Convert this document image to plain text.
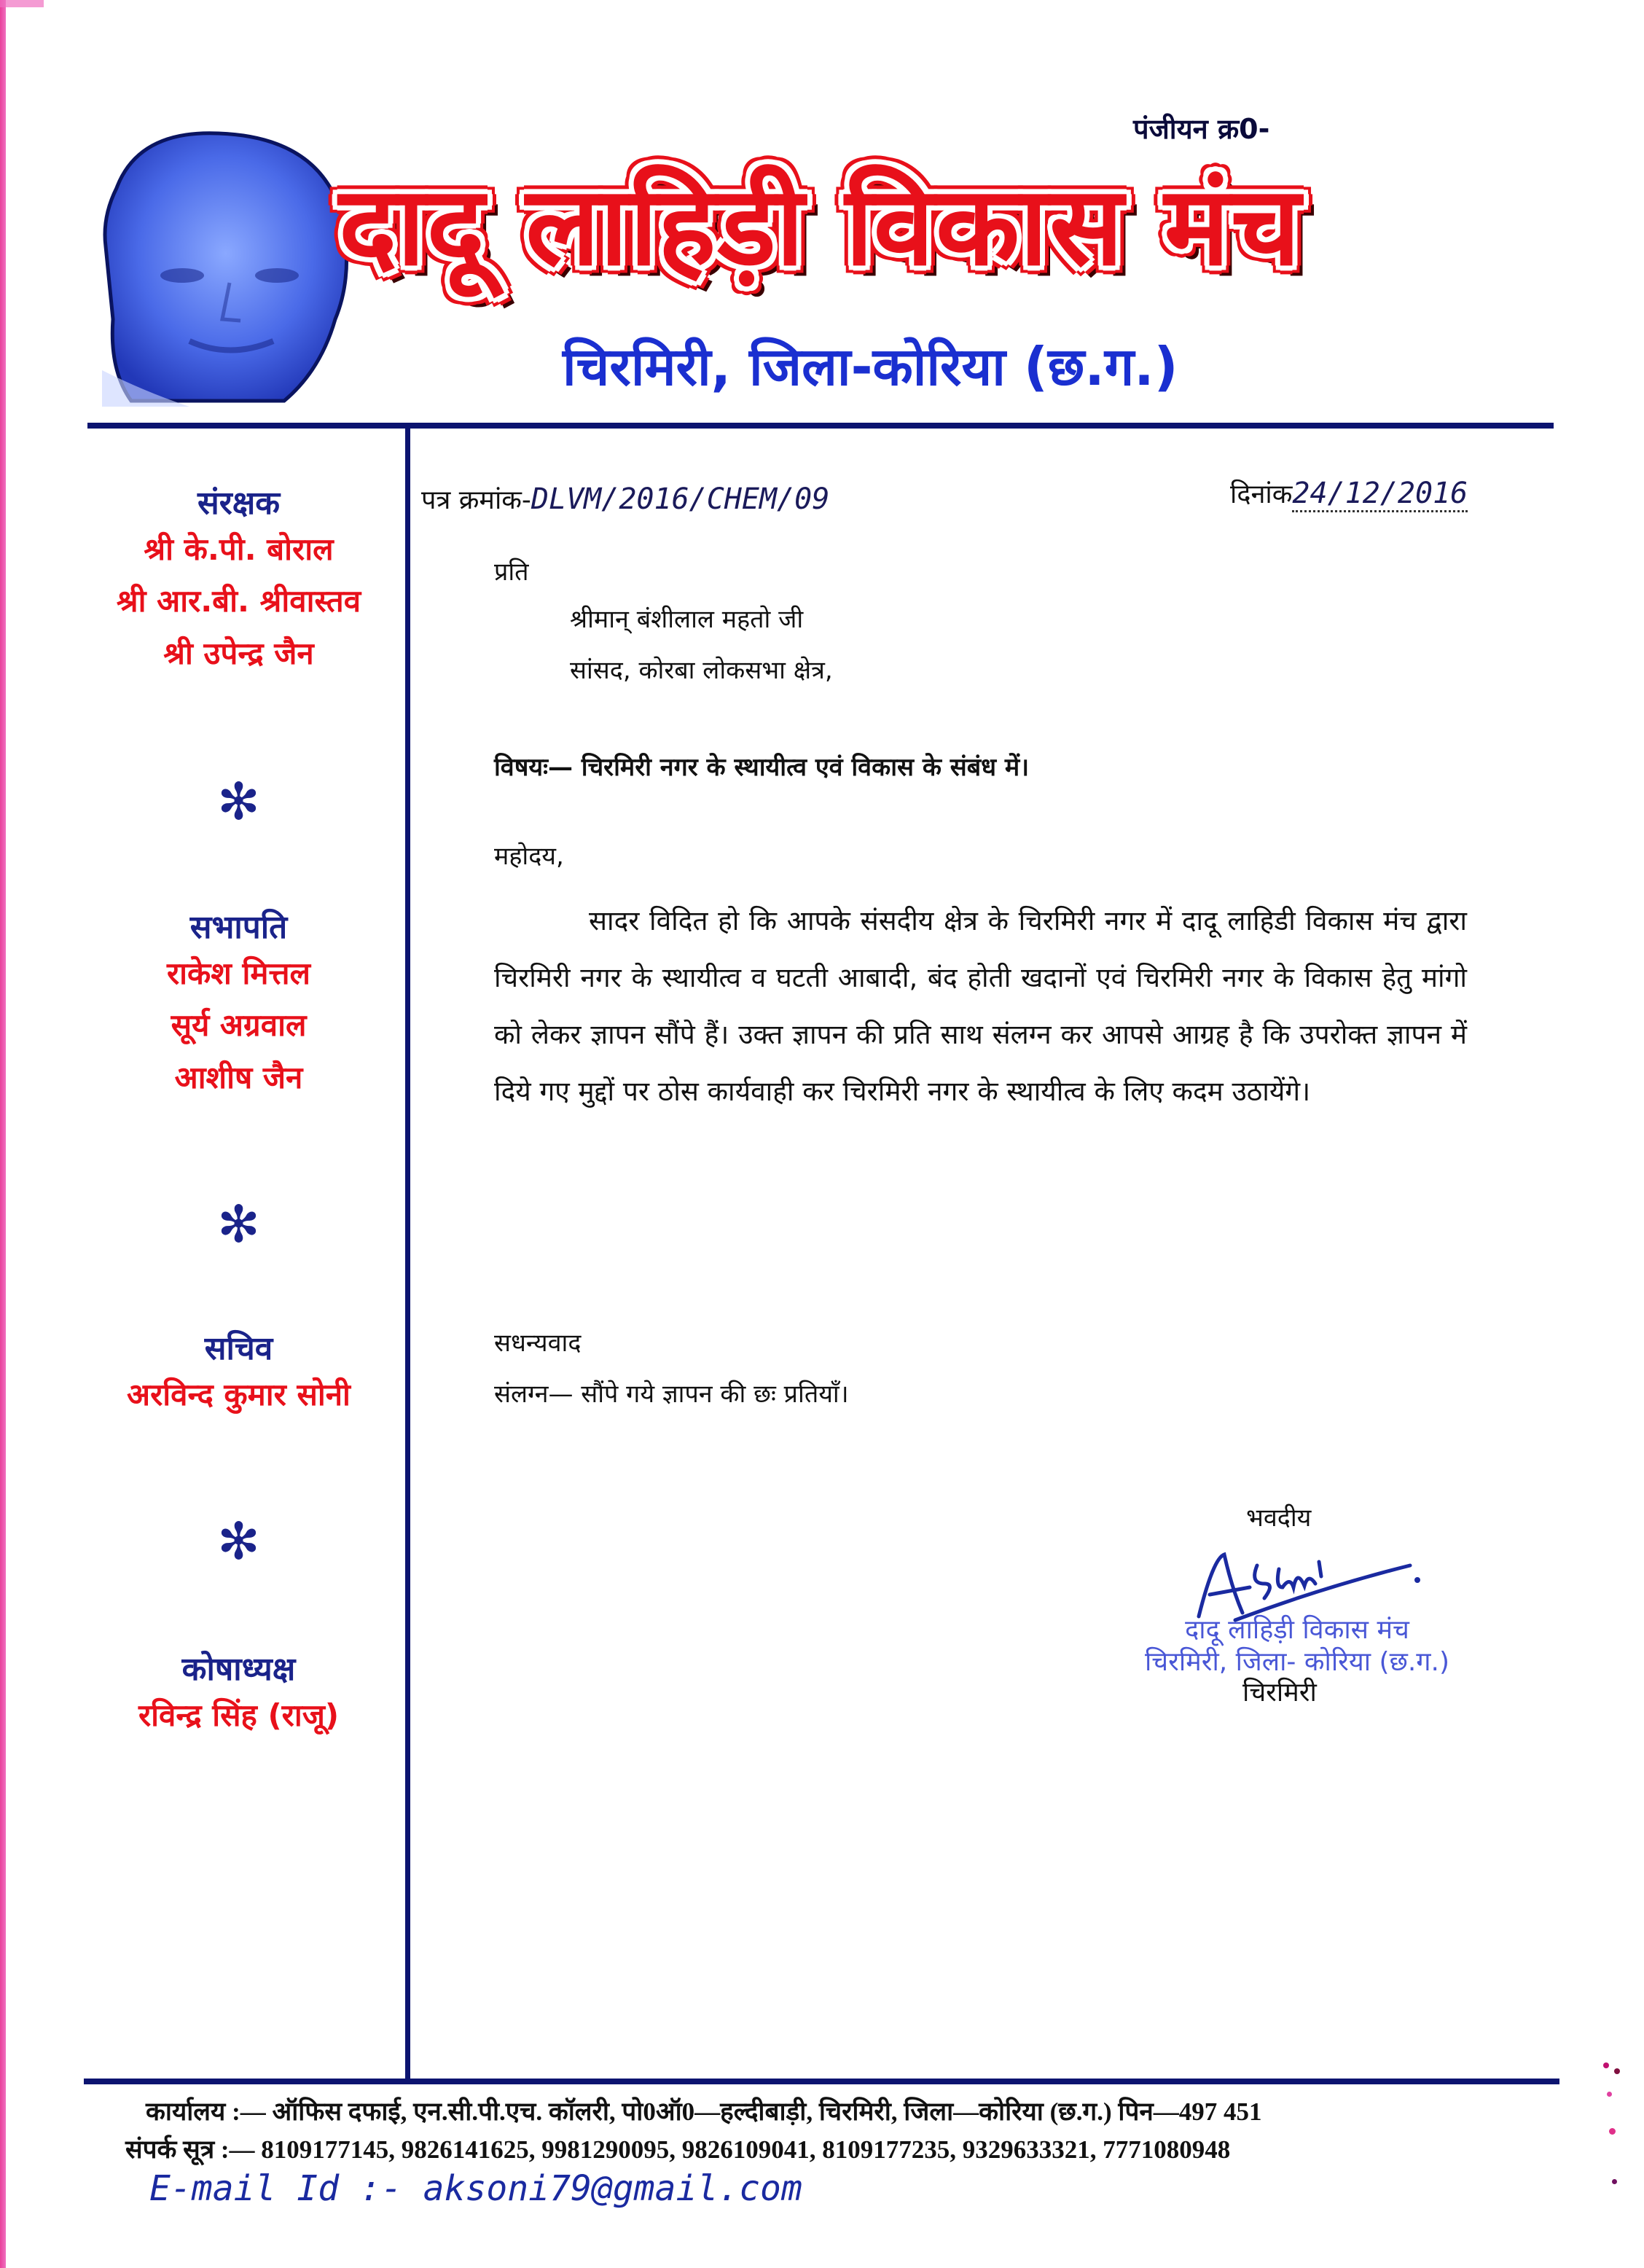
पंजीयन क्र0-
दादू लाहिड़ी विकास मंच
चिरमिरी, जिला-कोरिया (छ.ग.)
संरक्षक
श्री के.पी. बोराल
श्री आर.बी. श्रीवास्तव
श्री उपेन्द्र जैन
✻
सभापति
राकेश मित्तल
सूर्य अग्रवाल
आशीष जैन
✻
सचिव
अरविन्द कुमार सोनी
✻
कोषाध्यक्ष
रविन्द्र सिंह (राजू)
पत्र क्रमांक-DLVM/2016/CHEM/09	दिनांक24/12/2016
प्रति
श्रीमान् बंशीलाल महतो जी
सांसद, कोरबा लोकसभा क्षेत्र,
विषयः— चिरमिरी नगर के स्थायीत्व एवं विकास के संबंध में।
महोदय,
सादर विदित हो कि आपके संसदीय क्षेत्र के चिरमिरी नगर में दादू लाहिडी विकास मंच द्वारा चिरमिरी नगर के स्थायीत्व व घटती आबादी, बंद होती खदानों एवं चिरमिरी नगर के विकास हेतु मांगो को लेकर ज्ञापन सौंपे हैं। उक्त ज्ञापन की प्रति साथ संलग्न कर आपसे आग्रह है कि उपरोक्त ज्ञापन में दिये गए मुद्दों पर ठोस कार्यवाही कर चिरमिरी नगर के स्थायीत्व के लिए कदम उठायेंगे।
सधन्यवाद
संलग्न— सौंपे गये ज्ञापन की छः प्रतियाँ।
भवदीय
दादू लाहिड़ी विकास मंच
चिरमिरी, जिला- कोरिया (छ.ग.)
चिरमिरी
कार्यालय :— ऑफिस दफाई, एन.सी.पी.एच. कॉलरी, पो0ऑ0—हल्दीबाड़ी, चिरमिरी, जिला—कोरिया (छ.ग.) पिन—497 451
संपर्क सूत्र :— 8109177145, 9826141625, 9981290095, 9826109041, 8109177235, 9329633321, 7771080948
E-mail Id :- aksoni79@gmail.com
